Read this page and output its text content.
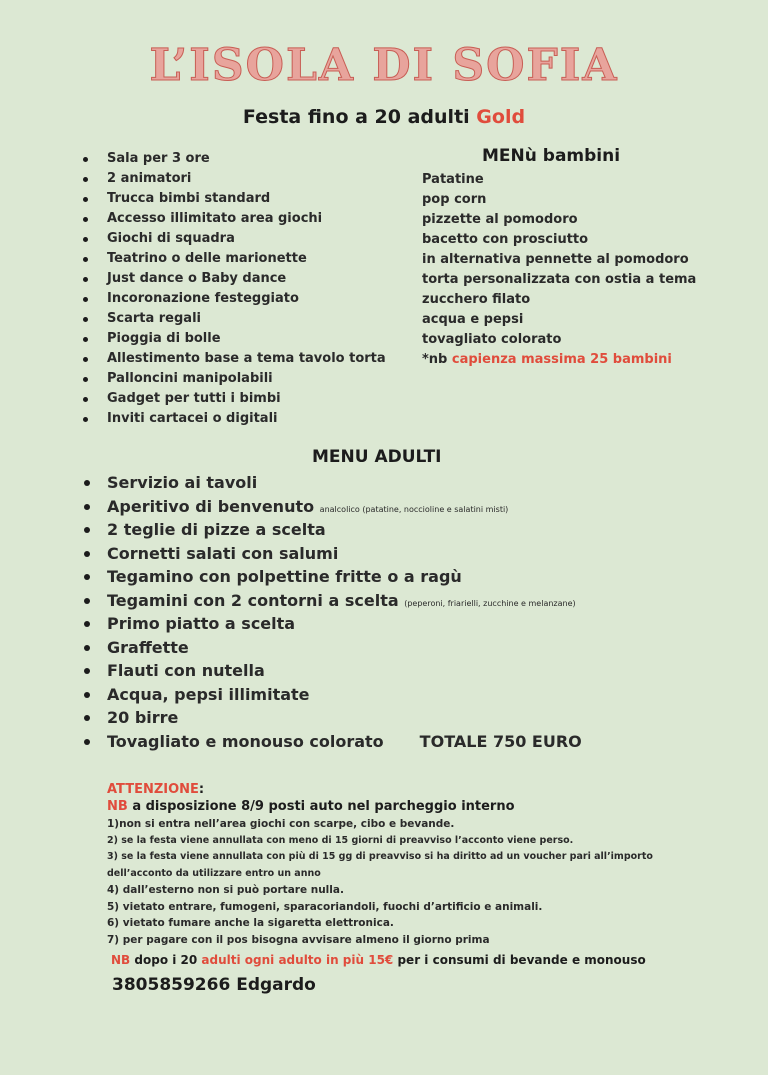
L’ISOLA DI SOFIA
Festa fino a 20 adulti Gold
Sala per 3 ore
2 animatori
Trucca bimbi standard
Accesso illimitato area giochi
Giochi di squadra
Teatrino o delle marionette
Just dance o Baby dance
Incoronazione festeggiato
Scarta regali
Pioggia di bolle
Allestimento base a tema tavolo torta
Palloncini manipolabili
Gadget per tutti i bimbi
Inviti cartacei o digitali
MENù bambini
Patatine
pop corn
pizzette al pomodoro
bacetto con prosciutto
in alternativa pennette al pomodoro
torta personalizzata con ostia a tema
zucchero filato
acqua e pepsi
tovagliato colorato
*nb capienza massima 25 bambini
MENU ADULTI
Servizio ai tavoli
Aperitivo di benvenuto analcolico (patatine, noccioline e salatini misti)
2 teglie di pizze a scelta
Cornetti salati con salumi
Tegamino con polpettine fritte o a ragù
Tegamini con 2 contorni a scelta (peperoni, friarielli, zucchine e melanzane)
Primo piatto a scelta
Graffette
Flauti con nutella
Acqua, pepsi illimitate
20 birre
Tovagliato e monouso colorato TOTALE 750 EURO
ATTENZIONE:
NB a disposizione 8/9 posti auto nel parcheggio interno
1)non si entra nell’area giochi con scarpe, cibo e bevande.
2) se la festa viene annullata con meno di 15 giorni di preavviso l’acconto viene perso.
3) se la festa viene annullata con più di 15 gg di preavviso si ha diritto ad un voucher pari all’importo dell’acconto da utilizzare entro un anno
4) dall’esterno non si può portare nulla.
5) vietato entrare, fumogeni, sparacoriandoli, fuochi d’artificio e animali.
6) vietato fumare anche la sigaretta elettronica.
7) per pagare con il pos bisogna avvisare almeno il giorno prima
NB dopo i 20 adulti ogni adulto in più 15€ per i consumi di bevande e monouso
3805859266 Edgardo
